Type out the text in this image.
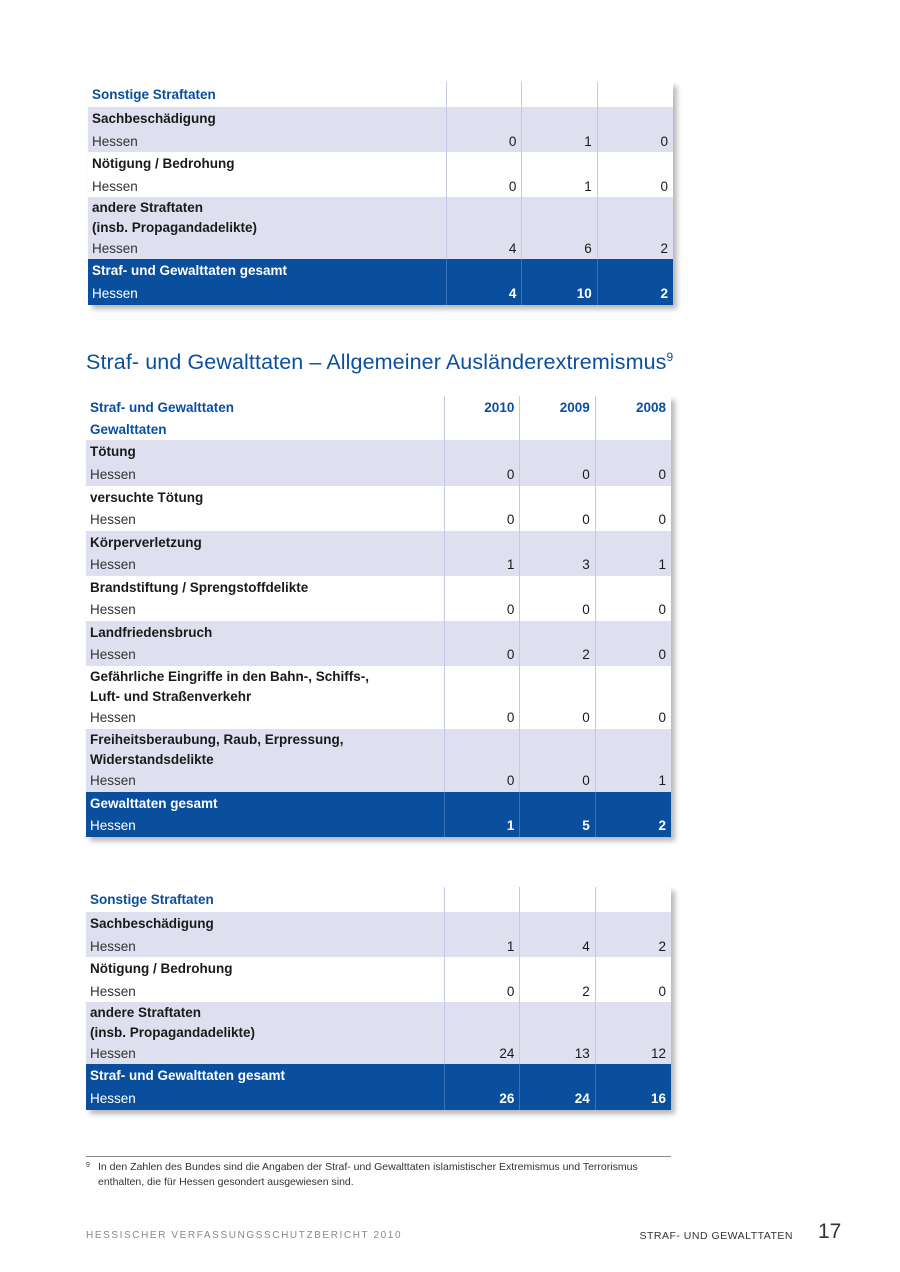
Sonstige Straftaten
Sachbeschädigung
Hessen	0	1	0
Nötigung / Bedrohung
Hessen	0	1	0
andere Straftaten
(insb. Propagandadelikte)
Hessen	4	6	2
Straf- und Gewalttaten gesamt
Hessen	4	10	2
Straf- und Gewalttaten – Allgemeiner Ausländerextremismus$^9$
Straf- und Gewalttaten	2010	2009	2008
Gewalttaten
Tötung
Hessen	0	0	0
versuchte Tötung
Hessen	0	0	0
Körperverletzung
Hessen	1	3	1
Brandstiftung / Sprengstoffdelikte
Hessen	0	0	0
Landfriedensbruch
Hessen	0	2	0
Gefährliche Eingriffe in den Bahn-, Schiffs-,
Luft- und Straßenverkehr
Hessen	0	0	0
Freiheitsberaubung, Raub, Erpressung,
Widerstandsdelikte
Hessen	0	0	1
Gewalttaten gesamt
Hessen	1	5	2
Sonstige Straftaten
Sachbeschädigung
Hessen	1	4	2
Nötigung / Bedrohung
Hessen	0	2	0
andere Straftaten
(insb. Propagandadelikte)
Hessen	24	13	12
Straf- und Gewalttaten gesamt
Hessen	26	24	16
9 In den Zahlen des Bundes sind die Angaben der Straf- und Gewalttaten islamistischer Extremismus und Terrorismus enthalten, die für Hessen gesondert ausgewiesen sind.
HESSISCHER VERFASSUNGSSCHUTZBERICHT 2010	STRAF- UND GEWALTTATEN 17
